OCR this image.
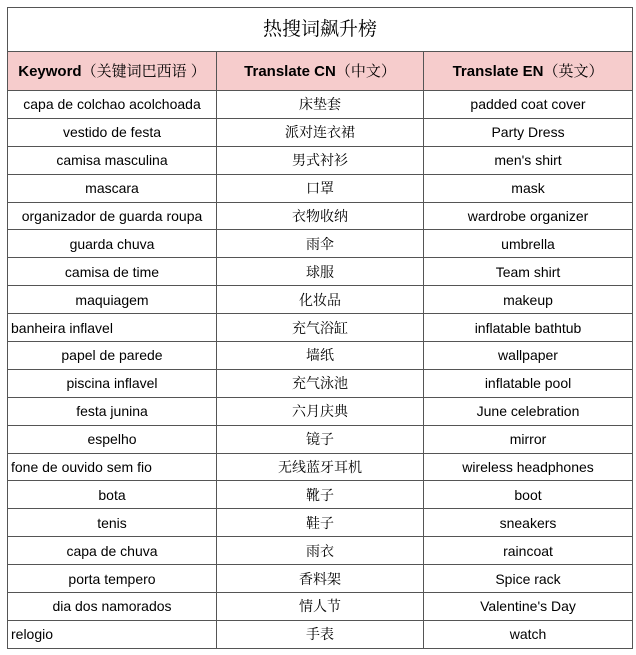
热搜词飙升榜		
Keyword（关键词巴西语 ）	Translate CN（中文）	Translate EN（英文）
capa de colchao acolchoada	床垫套	padded coat cover
vestido de festa	派对连衣裙	Party Dress
camisa masculina	男式衬衫	men's shirt
mascara	口罩	mask
organizador de guarda roupa	衣物收纳	wardrobe organizer
guarda chuva	雨伞	umbrella
camisa de time	球服	Team shirt
maquiagem	化妆品	makeup
banheira inflavel	充气浴缸	inflatable bathtub
papel de parede	墙纸	wallpaper
piscina inflavel	充气泳池	inflatable pool
festa junina	六月庆典	June celebration
espelho	镜子	mirror
fone de ouvido sem fio	无线蓝牙耳机	wireless headphones
bota	靴子	boot
tenis	鞋子	sneakers
capa de chuva	雨衣	raincoat
porta tempero	香料架	Spice rack
dia dos namorados	情人节	Valentine's Day
relogio	手表	watch
